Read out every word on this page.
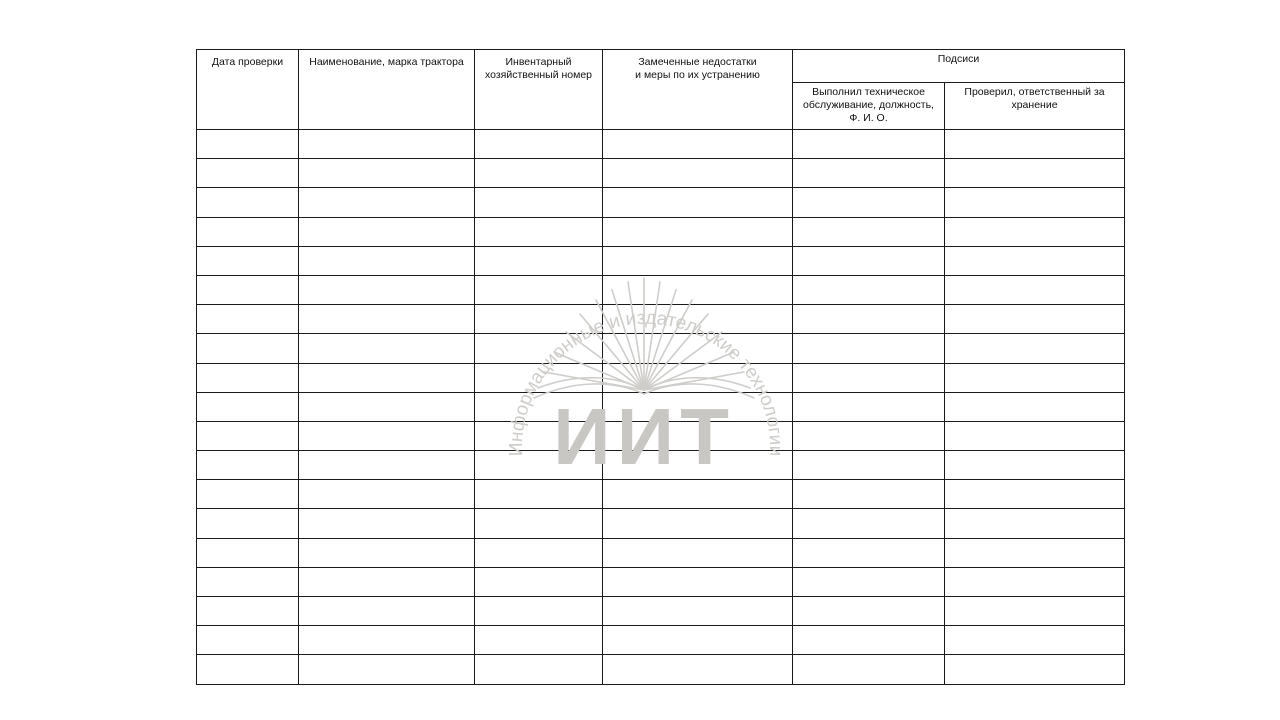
Дата проверки	Наименование, марка трактора	Инвентарный
хозяйственный номер	Замеченные недостатки
и меры по их устранению	Подсиси	

				Выполнил техническое
обслуживание, должность,
Ф. И. О.	Проверил, ответственный за
хранение

Информационные и издательские технологии
ИИТ
